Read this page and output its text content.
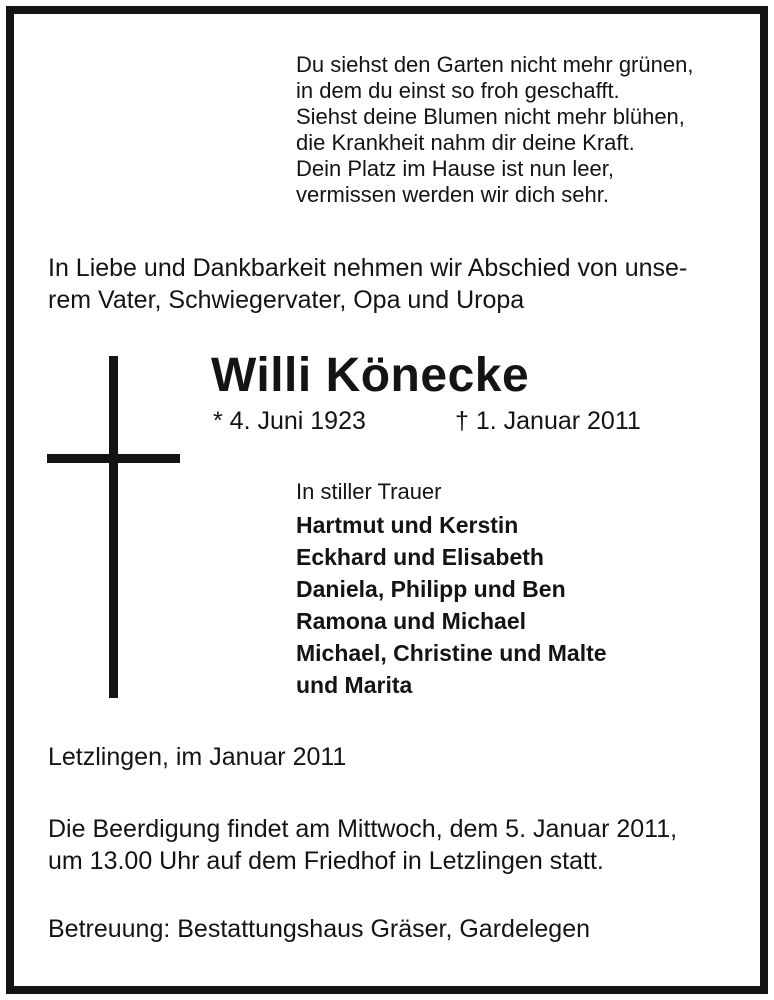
Du siehst den Garten nicht mehr grünen,
in dem du einst so froh geschafft.
Siehst deine Blumen nicht mehr blühen,
die Krankheit nahm dir deine Kraft.
Dein Platz im Hause ist nun leer,
vermissen werden wir dich sehr.
In Liebe und Dankbarkeit nehmen wir Abschied von unse-
rem Vater, Schwiegervater, Opa und Uropa
Willi Könecke
* 4. Juni 1923	† 1. Januar 2011
In stiller Trauer
Hartmut und Kerstin
Eckhard und Elisabeth
Daniela, Philipp und Ben
Ramona und Michael
Michael, Christine und Malte
und Marita
Letzlingen, im Januar 2011
Die Beerdigung findet am Mittwoch, dem 5. Januar 2011,
um 13.00 Uhr auf dem Friedhof in Letzlingen statt.
Betreuung: Bestattungshaus Gräser, Gardelegen
